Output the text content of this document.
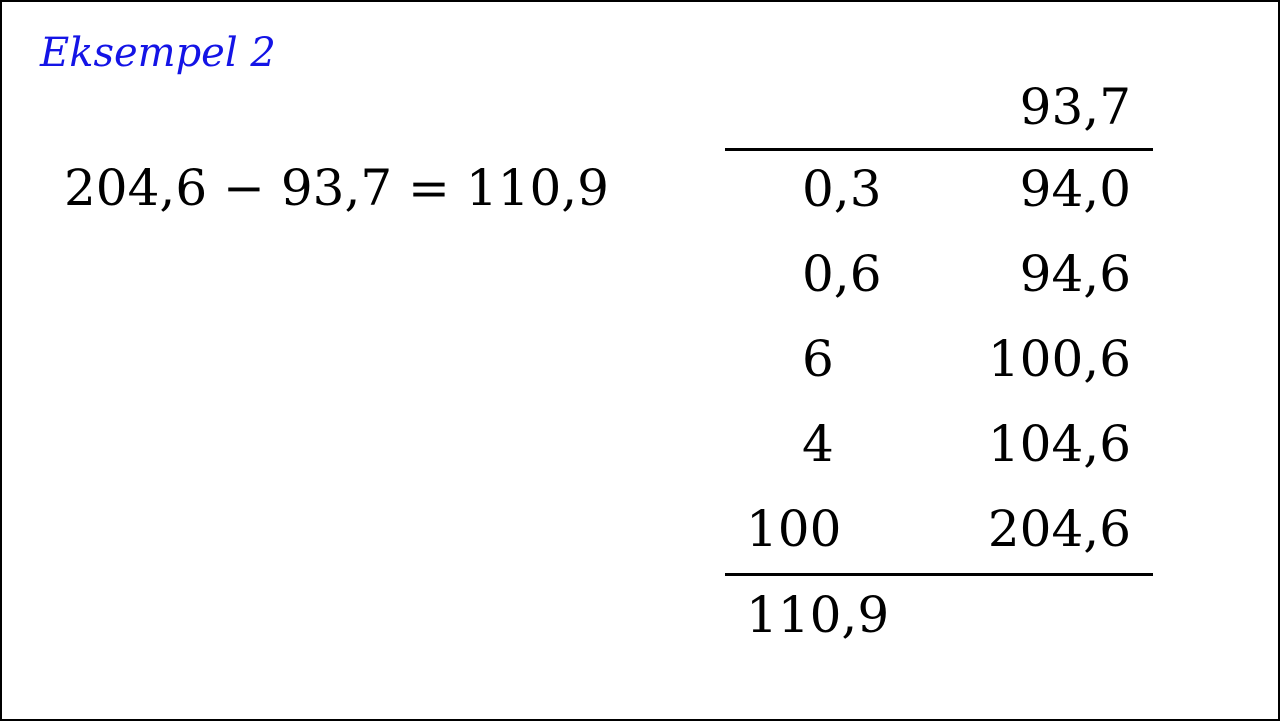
Eksempel 2
204,6 − 93,7 = 110,9
93,7
0,3	94,0
0,6	94,6
6	100,6
4	104,6
100	204,6
110,9
